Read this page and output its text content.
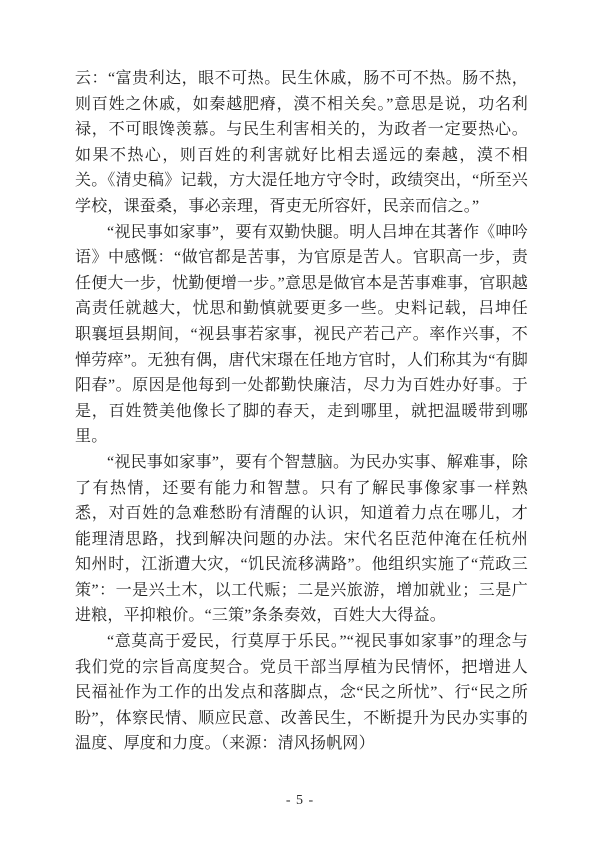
云：“富贵利达，眼不可热。民生休戚，肠不可不热。肠不热，则百姓之休戚，如秦越肥瘠，漠不相关矣。”意思是说，功名利禄，不可眼馋羡慕。与民生利害相关的，为政者一定要热心。如果不热心，则百姓的利害就好比相去遥远的秦越，漠不相关。《清史稿》记载，方大湜任地方守令时，政绩突出，“所至兴学校，课蚕桑，事必亲理，胥吏无所容奸，民亲而信之。”

“视民事如家事”，要有双勤快腿。明人吕坤在其著作《呻吟语》中感慨：“做官都是苦事，为官原是苦人。官职高一步，责任便大一步，忧勤便增一步。”意思是做官本是苦事难事，官职越高责任就越大，忧思和勤慎就要更多一些。史料记载，吕坤任职襄垣县期间，“视县事若家事，视民产若己产。率作兴事，不惮劳瘁”。无独有偶，唐代宋璟在任地方官时，人们称其为“有脚阳春”。原因是他每到一处都勤快廉洁，尽力为百姓办好事。于是，百姓赞美他像长了脚的春天，走到哪里，就把温暖带到哪里。

“视民事如家事”，要有个智慧脑。为民办实事、解难事，除了有热情，还要有能力和智慧。只有了解民事像家事一样熟悉，对百姓的急难愁盼有清醒的认识，知道着力点在哪儿，才能理清思路，找到解决问题的办法。宋代名臣范仲淹在任杭州知州时，江浙遭大灾，“饥民流移满路”。他组织实施了“荒政三策”：一是兴土木，以工代赈；二是兴旅游，增加就业；三是广进粮，平抑粮价。“三策”条条奏效，百姓大大得益。

“意莫高于爱民，行莫厚于乐民。”“视民事如家事”的理念与我们党的宗旨高度契合。党员干部当厚植为民情怀，把增进人民福祉作为工作的出发点和落脚点，念“民之所忧”、行“民之所盼”，体察民情、顺应民意、改善民生，不断提升为民办实事的温度、厚度和力度。（来源：清风扬帆网）

- 5 -
